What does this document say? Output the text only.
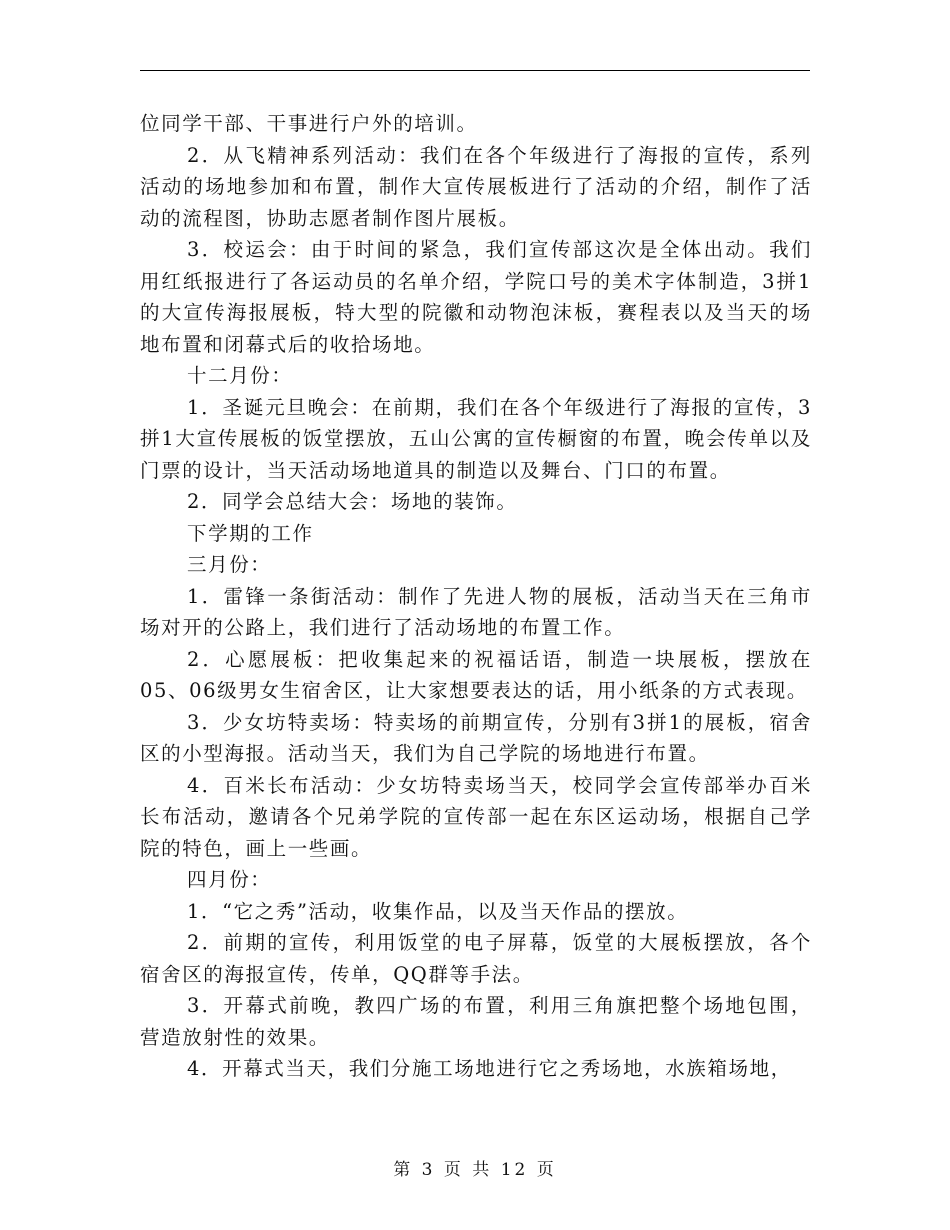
位同学干部、干事进行户外的培训。

2．从飞精神系列活动：我们在各个年级进行了海报的宣传，系列活动的场地参加和布置，制作大宣传展板进行了活动的介绍，制作了活动的流程图，协助志愿者制作图片展板。

3．校运会：由于时间的紧急，我们宣传部这次是全体出动。我们用红纸报进行了各运动员的名单介绍，学院口号的美术字体制造，3拼1的大宣传海报展板，特大型的院徽和动物泡沫板，赛程表以及当天的场地布置和闭幕式后的收拾场地。

十二月份：

1．圣诞元旦晚会：在前期，我们在各个年级进行了海报的宣传，3拼1大宣传展板的饭堂摆放，五山公寓的宣传橱窗的布置，晚会传单以及门票的设计，当天活动场地道具的制造以及舞台、门口的布置。

2．同学会总结大会：场地的装饰。

下学期的工作

三月份：

1．雷锋一条街活动：制作了先进人物的展板，活动当天在三角市场对开的公路上，我们进行了活动场地的布置工作。

2．心愿展板：把收集起来的祝福话语，制造一块展板，摆放在05、06级男女生宿舍区，让大家想要表达的话，用小纸条的方式表现。

3．少女坊特卖场：特卖场的前期宣传，分别有3拼1的展板，宿舍区的小型海报。活动当天，我们为自己学院的场地进行布置。

4．百米长布活动：少女坊特卖场当天，校同学会宣传部举办百米长布活动，邀请各个兄弟学院的宣传部一起在东区运动场，根据自己学院的特色，画上一些画。

四月份：

1．“它之秀”活动，收集作品，以及当天作品的摆放。

2．前期的宣传，利用饭堂的电子屏幕，饭堂的大展板摆放，各个宿舍区的海报宣传，传单，QQ群等手法。

3．开幕式前晚，教四广场的布置，利用三角旗把整个场地包围，营造放射性的效果。

4．开幕式当天，我们分施工场地进行它之秀场地，水族箱场地，

第 3 页 共 12 页
